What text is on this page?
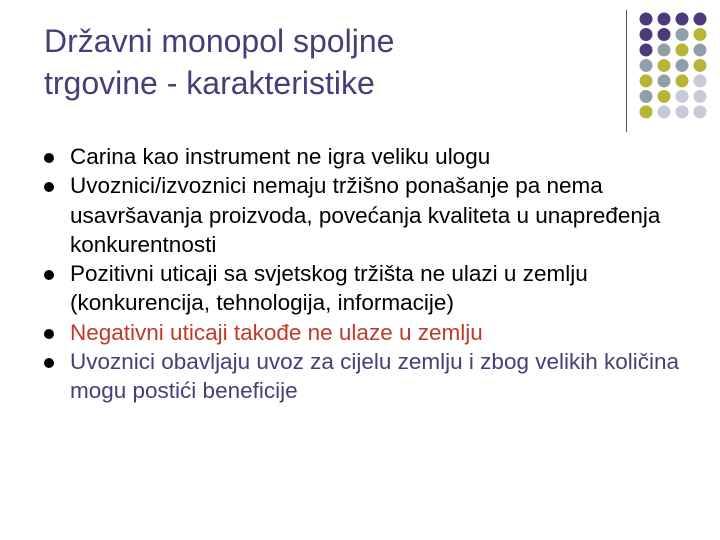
Državni monopol spoljne
trgovine - karakteristike
Carina kao instrument ne igra veliku ulogu
Uvoznici/izvoznici nemaju tržišno ponašanje pa nema usavršavanja proizvoda, povećanja kvaliteta u unapređenja konkurentnosti
Pozitivni uticaji sa svjetskog tržišta ne ulazi u zemlju (konkurencija, tehnologija, informacije)
Negativni uticaji takođe ne ulaze u zemlju
Uvoznici obavljaju uvoz za cijelu zemlju i zbog velikih količina mogu postići beneficije
